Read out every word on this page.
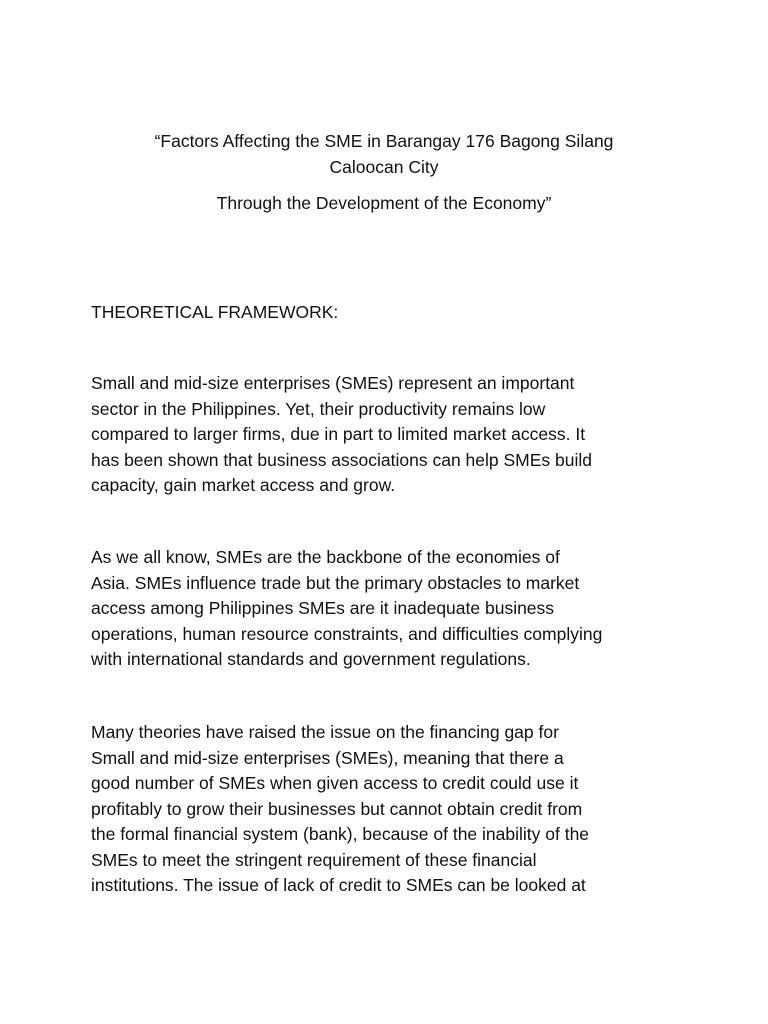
“Factors Affecting the SME in Barangay 176 Bagong Silang
Caloocan City
Through the Development of the Economy”
THEORETICAL FRAMEWORK:
Small and mid-size enterprises (SMEs) represent an important
sector in the Philippines. Yet, their productivity remains low
compared to larger firms, due in part to limited market access. It
has been shown that business associations can help SMEs build
capacity, gain market access and grow.
As we all know, SMEs are the backbone of the economies of
Asia. SMEs influence trade but the primary obstacles to market
access among Philippines SMEs are it inadequate business
operations, human resource constraints, and difficulties complying
with international standards and government regulations.
Many theories have raised the issue on the financing gap for
Small and mid-size enterprises (SMEs), meaning that there a
good number of SMEs when given access to credit could use it
profitably to grow their businesses but cannot obtain credit from
the formal financial system (bank), because of the inability of the
SMEs to meet the stringent requirement of these financial
institutions. The issue of lack of credit to SMEs can be looked at
